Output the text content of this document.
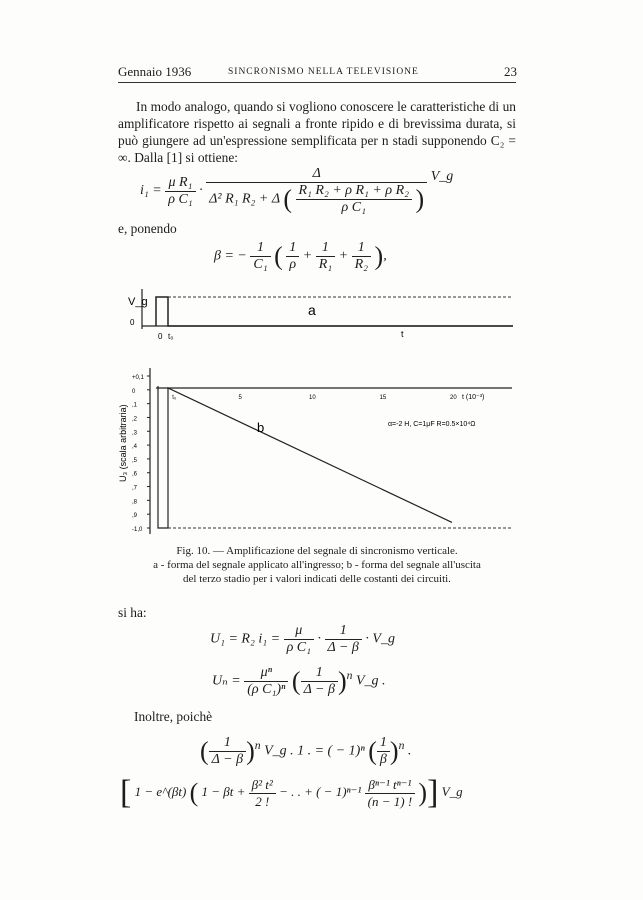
Gennaio 1936	SINCRONISMO NELLA TELEVISIONE	23
In modo analogo, quando si vogliono conoscere le caratteristiche di un amplificatore rispetto ai segnali a fronte ripido e di brevissima durata, si può giungere ad un'espressione semplificata per n stadi supponendo C₂ = ∞. Dalla [1] si ottiene:
$i_1 = \frac{\text{μ R₁}}{\text{ρ C₁}}$ ·
Δ
Δ² R₁ R₂ + Δ ( $\frac{\text{R₁ R₂ + ρ R₁ + ρ R₂}}{\text{ρ C₁}}$ )
V_g
e, ponendo
β = − $\frac{1}{\text{C₁}}$ ( $\frac{1}{\rho} + \frac{1}{\text{R₁}} + \frac{1}{\text{R₂}}$ ),
V_g
0
0 t₀
a
t
U₃ (scala arbitraria)
+0,1
0
,1
,2
,3
,4
,5
,6
,7
,8
,9
-1,0
t₀	5	10	15	20
b	α=-2 H, C=1μF R=0.5×10⁴Ω
t (10⁻³)
Fig. 10. — Amplificazione del segnale di sincronismo verticale.
a - forma del segnale applicato all'ingresso; b - forma del segnale all'uscita
del terzo stadio per i valori indicati delle costanti dei circuiti.
si ha:
U₁ = R₂ $i_1 = \frac{\mu}{\text{ρ C₁}} \cdot \frac{1}{\Delta - \beta}$ · V_g
$U_n = \frac{\text{μⁿ}}{\text{(ρ C₁)ⁿ}}$ ( $\frac{1}{\Delta - \beta} )^n$ V_g .
Inoltre, poichè
( $\frac{1}{\Delta - \beta} )^n$ V_g . 1 . = ( − 1)ⁿ ( $\frac{1}{\beta} )^n$ .
[ 1 − e^(βt) ( $1 - \beta t + \frac{\text{β² t²}}{2 !}$ − . . + ( − $1)^{n-1} \frac{\text{βⁿ⁻¹ tⁿ⁻¹}}{(n - 1) !}$ )] V_g
